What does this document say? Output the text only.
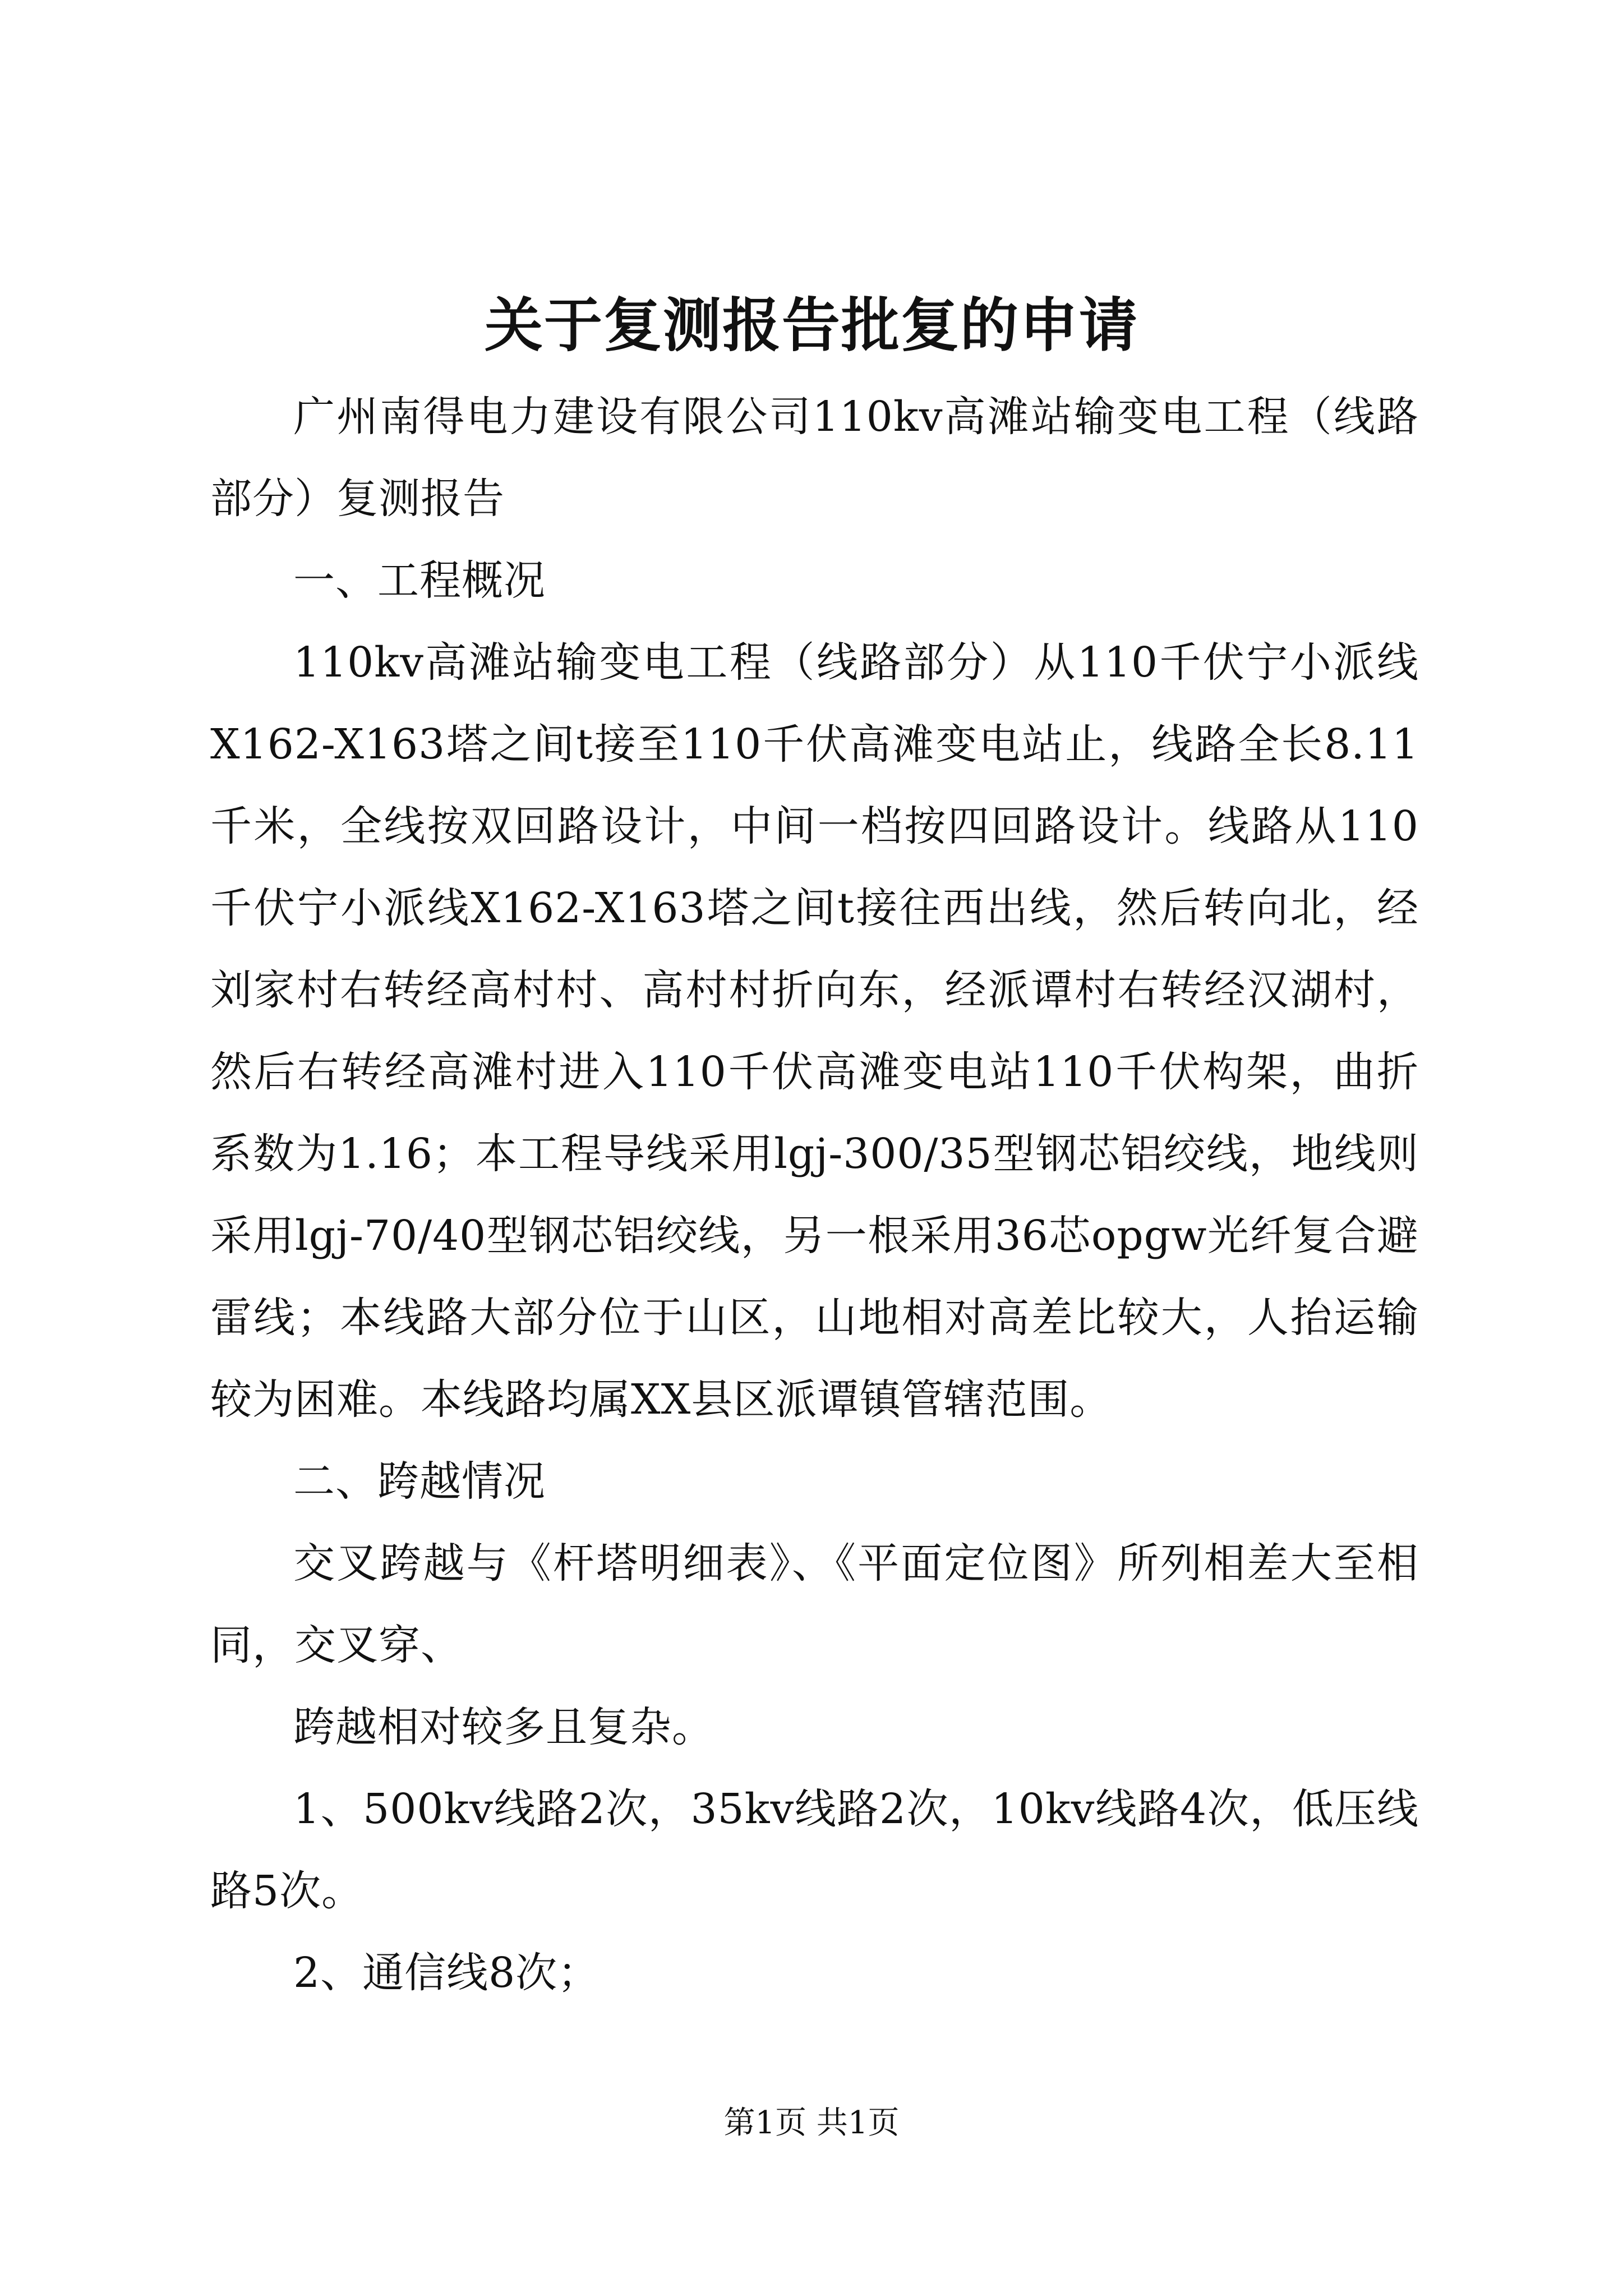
关于复测报告批复的申请

广州南得电力建设有限公司110kv高滩站输变电工程（线路部分）复测报告

一、工程概况

110kv高滩站输变电工程（线路部分）从110千伏宁小派线X162-X163塔之间t接至110千伏高滩变电站止，线路全长8.11千米，全线按双回路设计，中间一档按四回路设计。线路从110千伏宁小派线X162-X163塔之间t接往西出线，然后转向北，经刘家村右转经高村村、高村村折向东，经派谭村右转经汉湖村，然后右转经高滩村进入110千伏高滩变电站110千伏构架，曲折系数为1.16；本工程导线采用lgj-300/35型钢芯铝绞线，地线则采用lgj-70/40型钢芯铝绞线，另一根采用36芯opgw光纤复合避雷线；本线路大部分位于山区，山地相对高差比较大，人抬运输较为困难。本线路均属XX县区派谭镇管辖范围。

二、跨越情况

交叉跨越与《杆塔明细表》、《平面定位图》所列相差大至相同，交叉穿、

跨越相对较多且复杂。

1、500kv线路2次，35kv线路2次，10kv线路4次，低压线路5次。

2、通信线8次；

第1页 共1页
